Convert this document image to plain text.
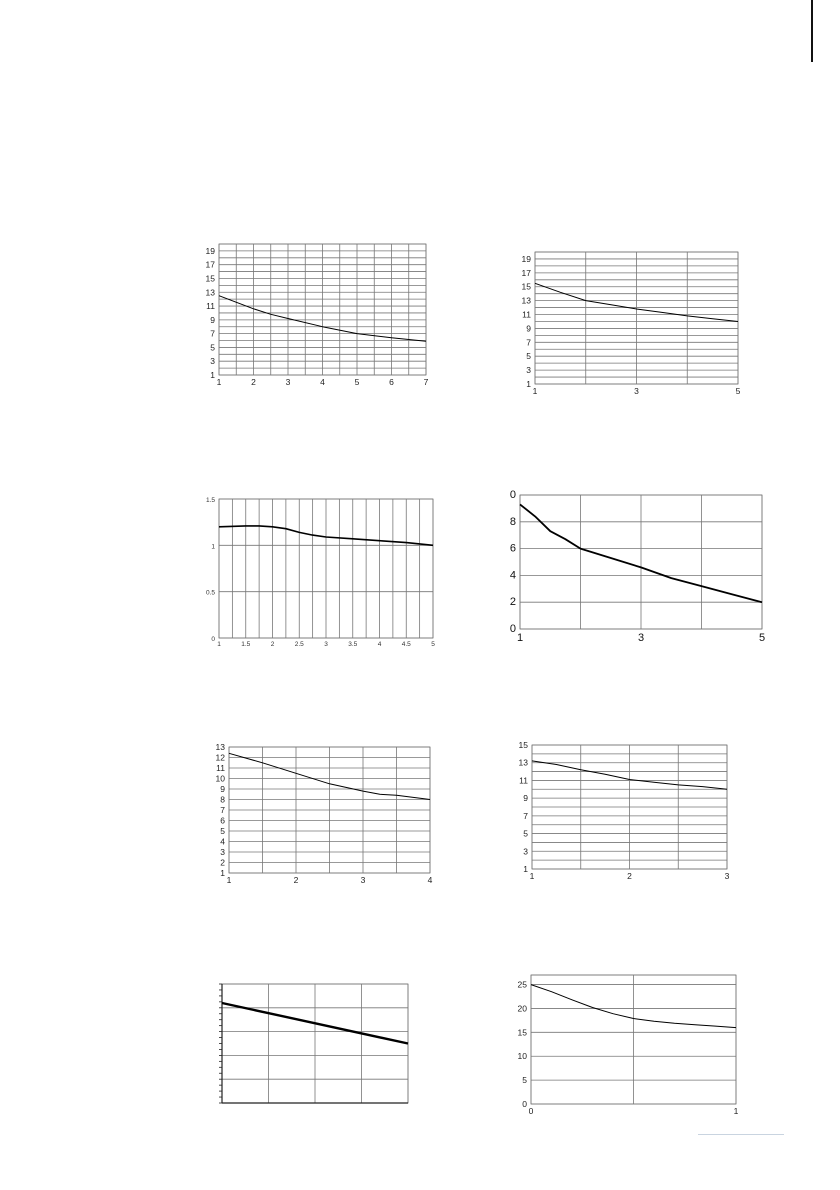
1	2	3	4	5	6	7
1
3
5
7
9
11
13
15
17
19
1	3	5
1
3
5
7
9
11
13
15
17
19
1	1.5	2	2.5	3	3.5	4	4.5	5
0
0.5
1
1.5
1	3	5
0
2
4
6
8
0
1	2	3	4
1
2
3
4
5
6
7
8
9
10
11
12
13
1	2	3
1
3
5
7
9
11
13
15
0	1
0
5
10
15
20
25
